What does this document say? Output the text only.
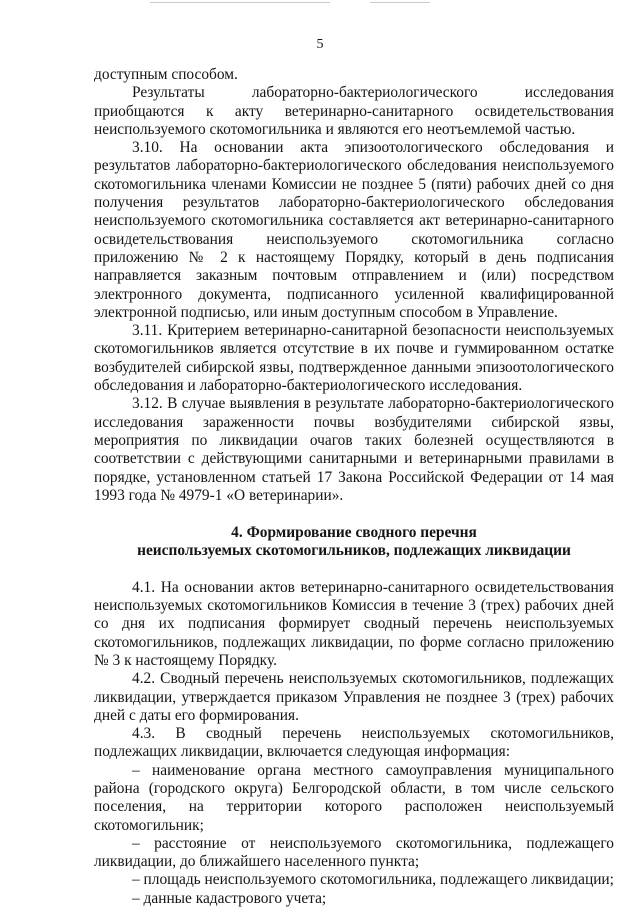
5

доступным способом.

Результаты лабораторно-бактериологического исследования приобщаются к акту ветеринарно-санитарного освидетельствования неиспользуемого скотомогильника и являются его неотъемлемой частью.

3.10. На основании акта эпизоотологического обследования и результатов лабораторно-бактериологического обследования неиспользуемого скотомогильника членами Комиссии не позднее 5 (пяти) рабочих дней со дня получения результатов лабораторно-бактериологического обследования неиспользуемого скотомогильника составляется акт ветеринарно-санитарного освидетельствования неиспользуемого скотомогильника согласно приложению № 2 к настоящему Порядку, который в день подписания направляется заказным почтовым отправлением и (или) посредством электронного документа, подписанного усиленной квалифицированной электронной подписью, или иным доступным способом в Управление.

3.11. Критерием ветеринарно-санитарной безопасности неиспользуемых скотомогильников является отсутствие в их почве и гуммированном остатке возбудителей сибирской язвы, подтвержденное данными эпизоотологического обследования и лабораторно-бактериологического исследования.

3.12. В случае выявления в результате лабораторно-бактериологического исследования зараженности почвы возбудителями сибирской язвы, мероприятия по ликвидации очагов таких болезней осуществляются в соответствии с действующими санитарными и ветеринарными правилами в порядке, установленном статьей 17 Закона Российской Федерации от 14 мая 1993 года № 4979-1 «О ветеринарии».

4. Формирование сводного перечня
неиспользуемых скотомогильников, подлежащих ликвидации

4.1. На основании актов ветеринарно-санитарного освидетельствования неиспользуемых скотомогильников Комиссия в течение 3 (трех) рабочих дней со дня их подписания формирует сводный перечень неиспользуемых скотомогильников, подлежащих ликвидации, по форме согласно приложению № 3 к настоящему Порядку.

4.2. Сводный перечень неиспользуемых скотомогильников, подлежащих ликвидации, утверждается приказом Управления не позднее 3 (трех) рабочих дней с даты его формирования.

4.3. В сводный перечень неиспользуемых скотомогильников, подлежащих ликвидации, включается следующая информация:

– наименование органа местного самоуправления муниципального района (городского округа) Белгородской области, в том числе сельского поселения, на территории которого расположен неиспользуемый скотомогильник;

– расстояние от неиспользуемого скотомогильника, подлежащего ликвидации, до ближайшего населенного пункта;

– площадь неиспользуемого скотомогильника, подлежащего ликвидации;

– данные кадастрового учета;
